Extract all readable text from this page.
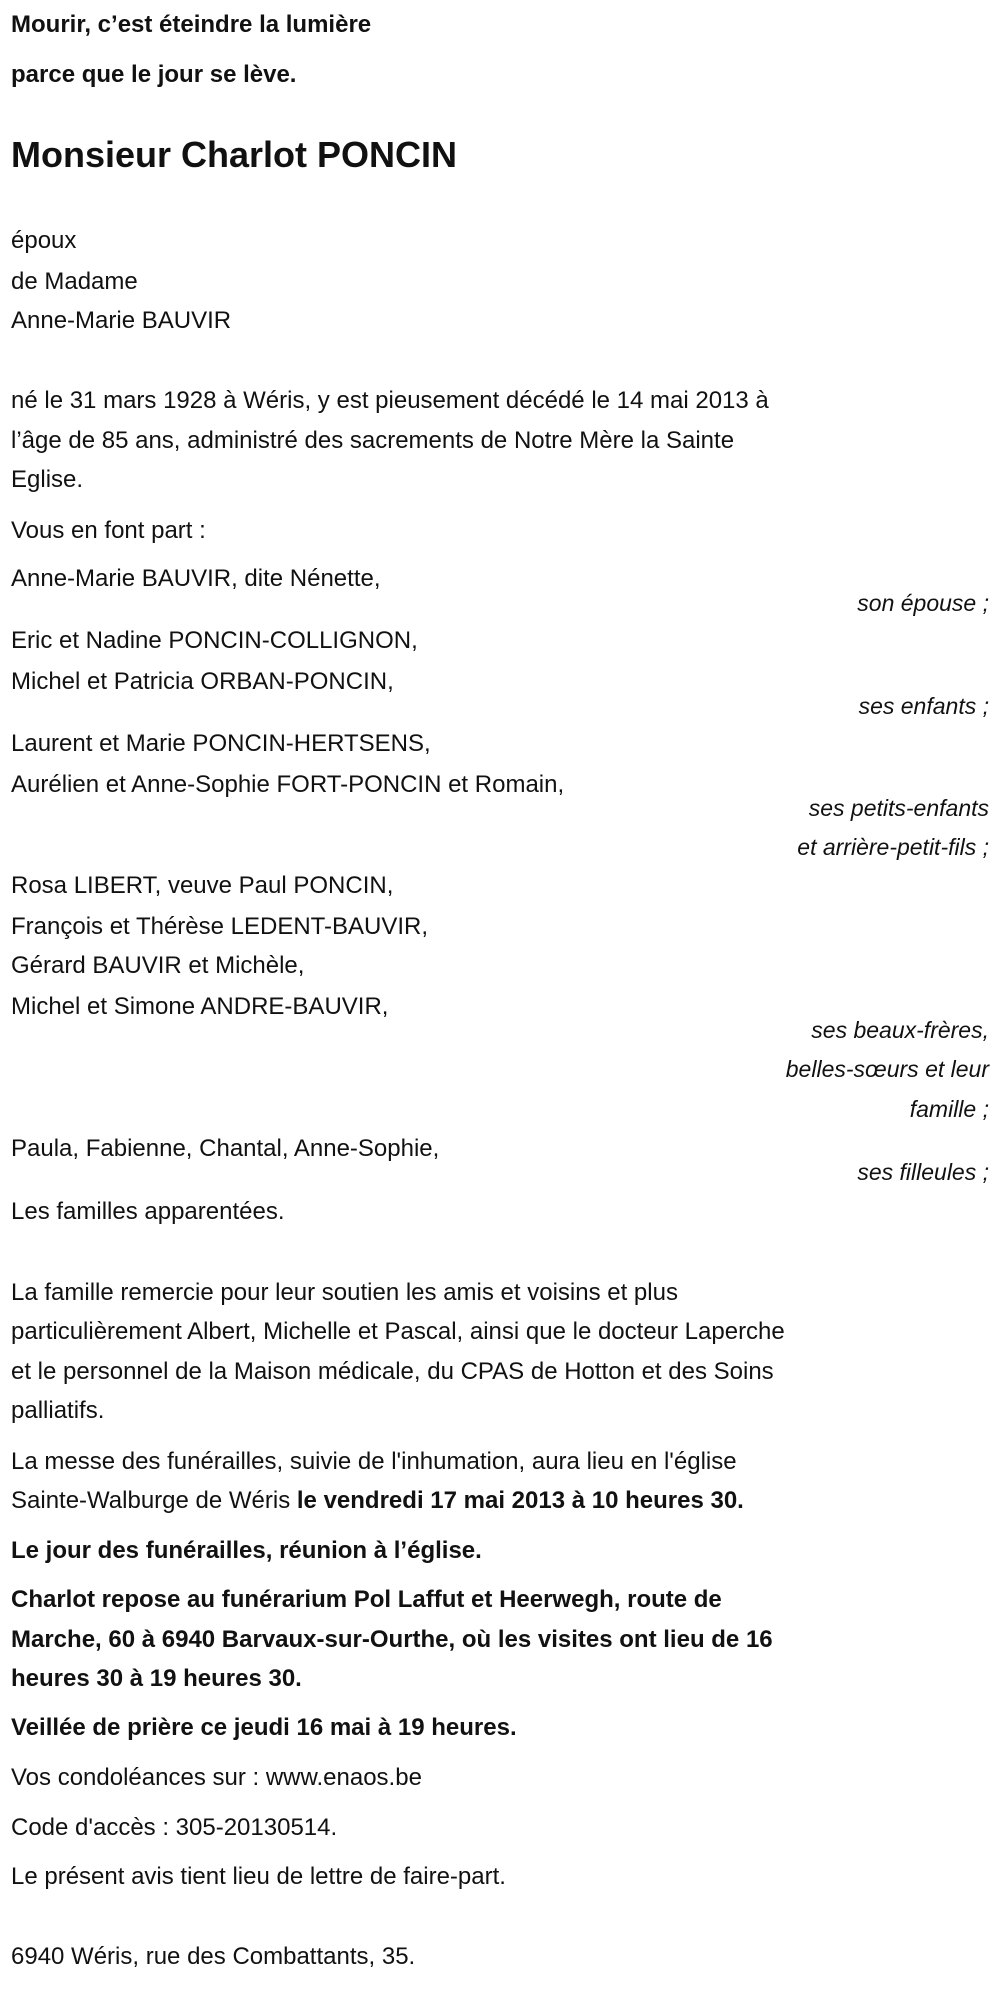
Mourir, c’est éteindre la lumière
parce que le jour se lève.
Monsieur Charlot PONCIN
époux
de Madame
Anne-Marie BAUVIR
né le 31 mars 1928 à Wéris, y est pieusement décédé le 14 mai 2013 à
l’âge de 85 ans, administré des sacrements de Notre Mère la Sainte
Eglise.
Vous en font part :
Anne-Marie BAUVIR, dite Nénette,
son épouse ;
Eric et Nadine PONCIN-COLLIGNON,
Michel et Patricia ORBAN-PONCIN,
ses enfants ;
Laurent et Marie PONCIN-HERTSENS,
Aurélien et Anne-Sophie FORT-PONCIN et Romain,
ses petits-enfants
et arrière-petit-fils ;
Rosa LIBERT, veuve Paul PONCIN,
François et Thérèse LEDENT-BAUVIR,
Gérard BAUVIR et Michèle,
Michel et Simone ANDRE-BAUVIR,
ses beaux-frères,
belles-sœurs et leur
famille ;
Paula, Fabienne, Chantal, Anne-Sophie,
ses filleules ;
Les familles apparentées.
La famille remercie pour leur soutien les amis et voisins et plus
particulièrement Albert, Michelle et Pascal, ainsi que le docteur Laperche
et le personnel de la Maison médicale, du CPAS de Hotton et des Soins
palliatifs.
La messe des funérailles, suivie de l'inhumation, aura lieu en l'église
Sainte-Walburge de Wéris le vendredi 17 mai 2013 à 10 heures 30.
Le jour des funérailles, réunion à l’église.
Charlot repose au funérarium Pol Laffut et Heerwegh, route de
Marche, 60 à 6940 Barvaux-sur-Ourthe, où les visites ont lieu de 16
heures 30 à 19 heures 30.
Veillée de prière ce jeudi 16 mai à 19 heures.
Vos condoléances sur : www.enaos.be
Code d'accès : 305-20130514.
Le présent avis tient lieu de lettre de faire-part.
6940 Wéris, rue des Combattants, 35.
